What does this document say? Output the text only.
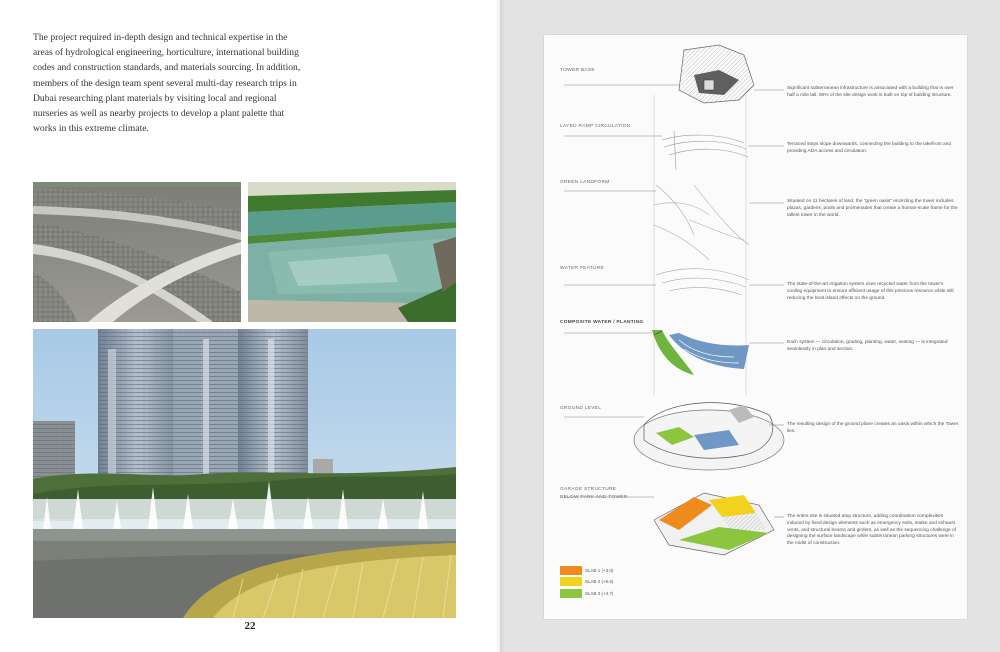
The project required in-depth design and technical expertise in the areas of hydrological engineering, horticulture, international building codes and construction standards, and materials sourcing. In addition, members of the design team spent several multi-day research trips in Dubai researching plant materials by visiting local and regional nurseries as well as nearby projects to develop a plant palette that works in this extreme climate.

22
TOWER BASE
LAYED RAMP CIRCULATION
GREEN LANDFORM
WATER FEATURE
COMPOSITE WATER / PLANTING
GROUND LEVEL
GARAGE STRUCTURE
BELOW PARK AND TOWER

Significant subterranean infrastructure is associated with a building that is over half a mile tall. 80% of the site design work is built on top of building structure.

Terraced steps slope downwards, connecting the building to the lakefront and providing ADA access and circulation.

Situated on 11 hectares of land, the "green oasis" encircling the tower includes plazas, gardens, pools and promenades that create a human-scale frame for the tallest tower in the world.

The state-of-the-art irrigation system uses recycled water from the tower's cooling equipment to ensure efficient usage of this precious resource while still reducing the heat island effects on the ground.

Each system — circulation, grading, planting, water, seating — is integrated seamlessly in plan and section.

The resulting design of the ground plane creates an oasis within which the Tower lies.

The entire site is situated atop structure, adding coordination complexities induced by fixed design elements such as emergency exits, intake and exhaust vents, and structural beams and girders, as well as the sequencing challenge of designing the surface landscape while subterranean parking structures were in the midst of construction.

SLAB 1 (+3.0)
SLAB 2 (+6.5)
SLAB 3 (+4.7)
